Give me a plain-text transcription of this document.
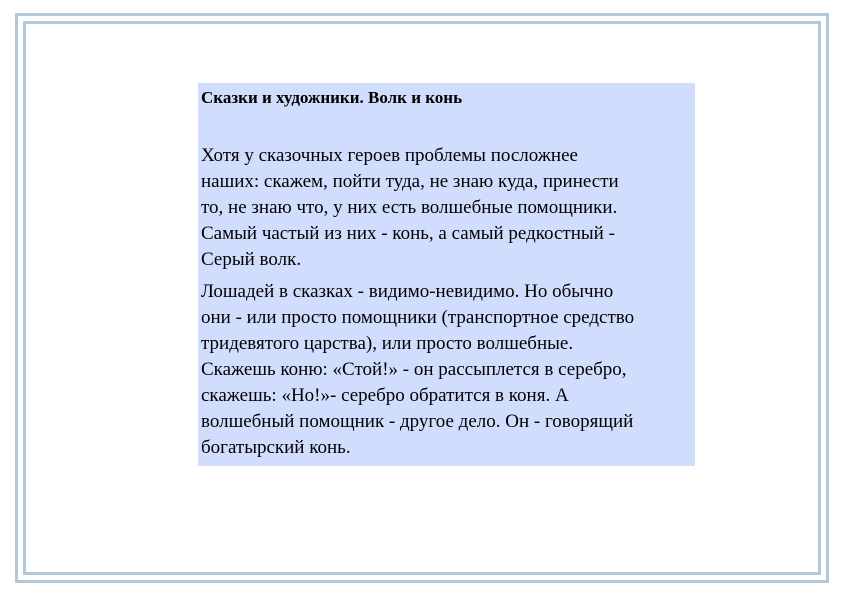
Сказки и художники. Волк и конь

Хотя у сказочных героев проблемы посложнее
наших: скажем, пойти туда, не знаю куда, принести
то, не знаю что, у них есть волшебные помощники.
Самый частый из них - конь, а самый редкостный -
Серый волк.

Лошадей в сказках - видимо-невидимо. Но обычно
они - или просто помощники (транспортное средство
тридевятого царства), или просто волшебные.
Скажешь коню: «Стой!» - он рассыплется в серебро,
скажешь: «Но!»- серебро обратится в коня. А
волшебный помощник - другое дело. Он - говорящий
богатырский конь.
